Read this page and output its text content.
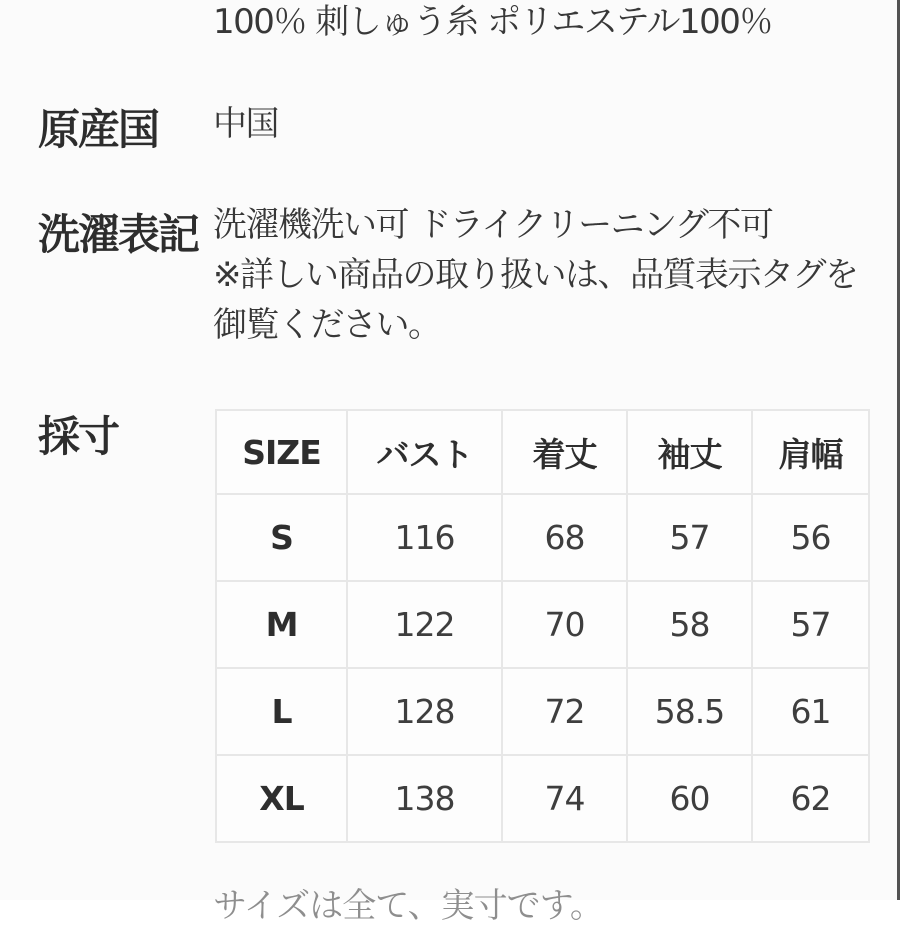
100％ 刺しゅう糸 ポリエステル100％
原産国 中国
洗濯表記 洗濯機洗い可 ドライクリーニング不可
※詳しい商品の取り扱いは、品質表示タグを
御覧ください。
採寸	SIZE	バスト	着丈	袖丈	肩幅
S	116	68	57	56
M	122	70	58	57
L	128	72	58.5	61
XL	138	74	60	62
サイズは全て、実寸です。
